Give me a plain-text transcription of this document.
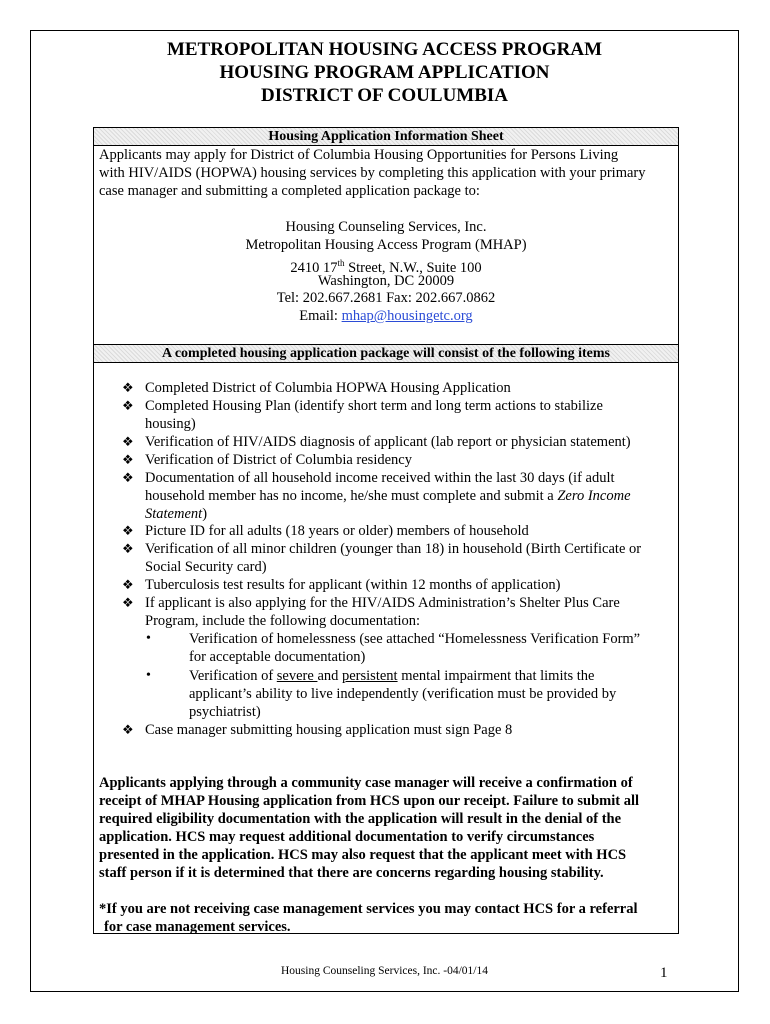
METROPOLITAN HOUSING ACCESS PROGRAM
HOUSING PROGRAM APPLICATION
DISTRICT OF COULUMBIA
Housing Application Information Sheet
A completed housing application package will consist of the following items
Applicants may apply for District of Columbia Housing Opportunities for Persons Living
with HIV/AIDS (HOPWA) housing services by completing this application with your primary
case manager and submitting a completed application package to:
Housing Counseling Services, Inc.
Metropolitan Housing Access Program (MHAP)
2410 17th Street, N.W., Suite 100
Washington, DC 20009
Tel: 202.667.2681 Fax: 202.667.0862
Email: mhap@housingetc.org
❖ Completed District of Columbia HOPWA Housing Application
❖ Completed Housing Plan (identify short term and long term actions to stabilize
housing)
❖ Verification of HIV/AIDS diagnosis of applicant (lab report or physician statement)
❖ Verification of District of Columbia residency
❖ Documentation of all household income received within the last 30 days (if adult
household member has no income, he/she must complete and submit a Zero Income
Statement)
❖ Picture ID for all adults (18 years or older) members of household
❖ Verification of all minor children (younger than 18) in household (Birth Certificate or
Social Security card)
❖ Tuberculosis test results for applicant (within 12 months of application)
❖ If applicant is also applying for the HIV/AIDS Administration’s Shelter Plus Care
Program, include the following documentation:
•	Verification of homelessness (see attached “Homelessness Verification Form”
for acceptable documentation)
•	Verification of severe and persistent mental impairment that limits the
applicant’s ability to live independently (verification must be provided by
psychiatrist)
❖ Case manager submitting housing application must sign Page 8
Applicants applying through a community case manager will receive a confirmation of
receipt of MHAP Housing application from HCS upon our receipt. Failure to submit all
required eligibility documentation with the application will result in the denial of the
application. HCS may request additional documentation to verify circumstances
presented in the application. HCS may also request that the applicant meet with HCS
staff person if it is determined that there are concerns regarding housing stability.
*If you are not receiving case management services you may contact HCS for a referral
for case management services.
Housing Counseling Services, Inc. -04/01/14	1
